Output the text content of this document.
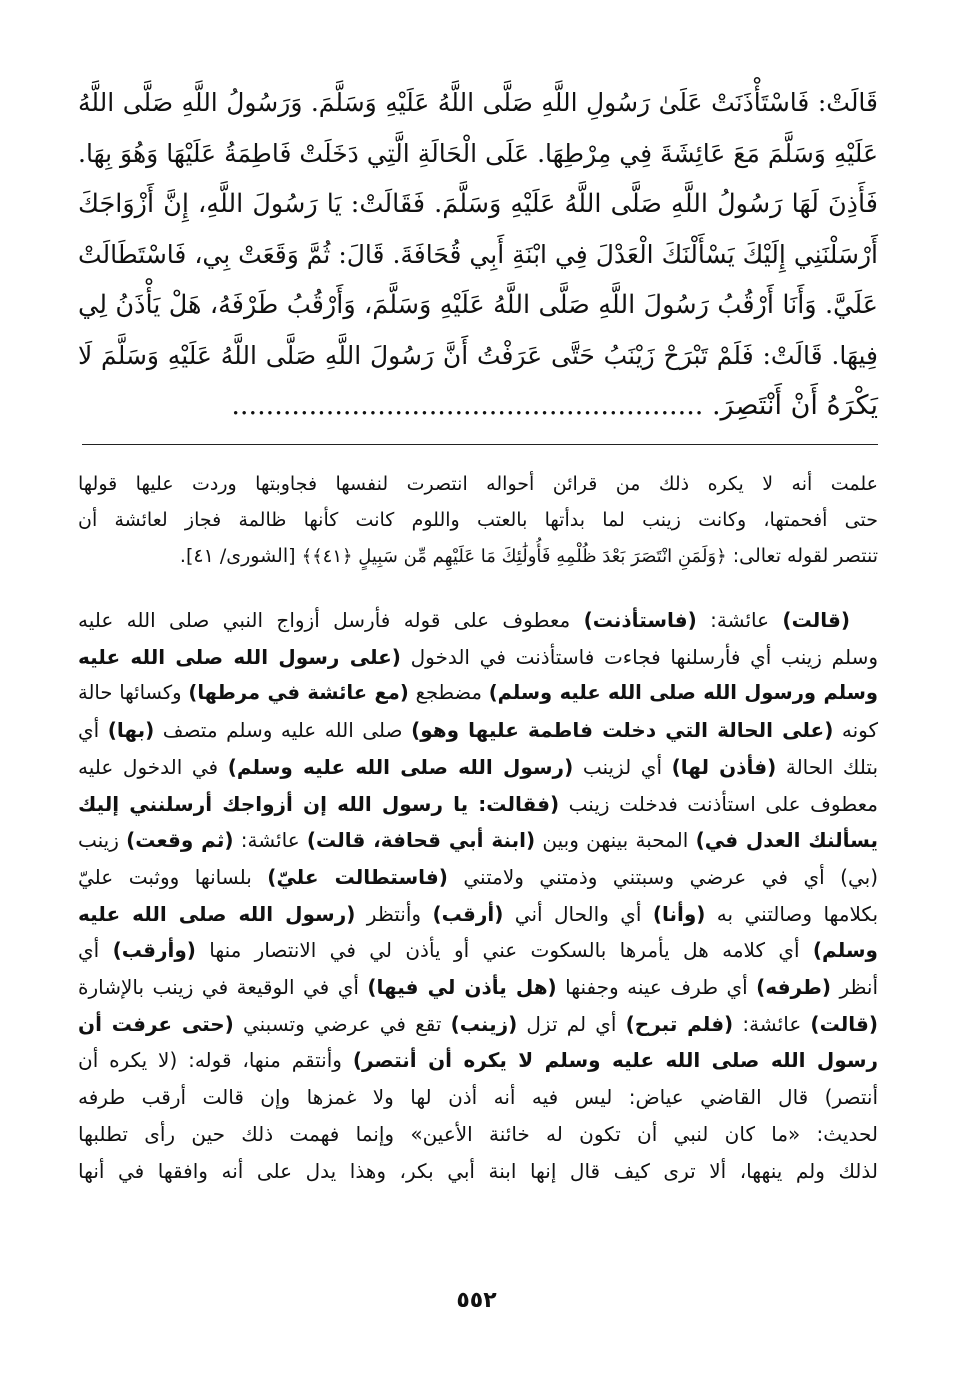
قَالَتْ: فَاسْتَأْذَنَتْ عَلَىٰ رَسُولِ اللَّهِ صَلَّى اللَّهُ عَلَيْهِ وَسَلَّمَ. وَرَسُولُ اللَّهِ صَلَّى اللَّهُ

عَلَيْهِ وَسَلَّمَ مَعَ عَائِشَةَ فِي مِرْطِهَا. عَلَى الْحَالَةِ الَّتِي دَخَلَتْ فَاطِمَةُ عَلَيْهَا وَهُوَ بِهَا.

فَأَذِنَ لَهَا رَسُولُ اللَّهِ صَلَّى اللَّهُ عَلَيْهِ وَسَلَّمَ. فَقَالَتْ: يَا رَسُولَ اللَّهِ، إِنَّ أَزْوَاجَكَ

أَرْسَلْنَنِي إِلَيْكَ يَسْأَلْنَكَ الْعَدْلَ فِي ابْنَةِ أَبِي قُحَافَةَ. قَالَ: ثُمَّ وَقَعَتْ بِي، فَاسْتَطَالَتْ

عَلَيَّ. وَأَنَا أَرْقُبُ رَسُولَ اللَّهِ صَلَّى اللَّهُ عَلَيْهِ وَسَلَّمَ، وَأَرْقُبُ طَرْفَهُ، هَلْ يَأْذَنُ لِي

فِيهَا. قَالَتْ: فَلَمْ تَبْرَحْ زَيْنَبُ حَتَّى عَرَفْتُ أَنَّ رَسُولَ اللَّهِ صَلَّى اللَّهُ عَلَيْهِ وَسَلَّمَ لَا

يَكْرَهُ أَنْ أَنْتَصِرَ. .......................................................

علمت أنه لا يكره ذلك من قرائن أحواله انتصرت لنفسها فجاوبتها وردت عليها قولها

حتى أفحمتها، وكانت زينب لما بدأتها بالعتب واللوم كانت كأنها ظالمة فجاز لعائشة أن

تنتصر لقوله تعالى: ﴿وَلَمَنِ انْتَصَرَ بَعْدَ ظُلْمِهِ فَأُولَٰئِكَ مَا عَلَيْهِم مِّن سَبِيلٍ ﴿٤١﴾﴾ [الشورى/ ٤١].

(قالت) عائشة: (فاستأذنت) معطوف على قوله فأرسل أزواج النبي صلى الله عليه

وسلم زينب أي فأرسلنها فجاءت فاستأذنت في الدخول (على رسول الله صلى الله عليه

وسلم ورسول الله صلى الله عليه وسلم) مضطجع (مع عائشة في مرطها) وكسائها حالة

كونه (على الحالة التي دخلت فاطمة عليها وهو) صلى الله عليه وسلم متصف (بها) أي

بتلك الحالة (فأذن لها) أي لزينب (رسول الله صلى الله عليه وسلم) في الدخول عليه

معطوف على استأذنت فدخلت زينب (فقالت: يا رسول الله إن أزواجك أرسلنني إليك

يسألنك العدل في) المحبة بينهن وبين (ابنة أبي قحافة، قالت) عائشة: (ثم وقعت) زينب

(بي) أي في عرضي وسبتني وذمتني ولامتني (فاستطالت عليّ) بلسانها ووثبت عليّ

بكلامها وصالتني به (وأنا) أي والحال أني (أرقب) وأنتظر (رسول الله صلى الله عليه

وسلم) أي كلامه هل يأمرها بالسكوت عني أو يأذن لي في الانتصار منها (وأرقب) أي

أنظر (طرفه) أي طرف عينه وجفنها (هل يأذن لي فيها) أي في الوقيعة في زينب بالإشارة

(قالت) عائشة: (فلم تبرح) أي لم تزل (زينب) تقع في عرضي وتسبني (حتى عرفت أن

رسول الله صلى الله عليه وسلم لا يكره أن أنتصر) وأنتقم منها، قوله: (لا يكره أن

أنتصر) قال القاضي عياض: ليس فيه أنه أذن لها ولا غمزها وإن قالت أرقب طرفه

لحديث: «ما كان لنبي أن تكون له خائنة الأعين» وإنما فهمت ذلك حين رأى تطلبها

لذلك ولم ينهها، ألا ترى كيف قال إنها ابنة أبي بكر، وهذا يدل على أنه وافقها في أنها

٥٥٢
